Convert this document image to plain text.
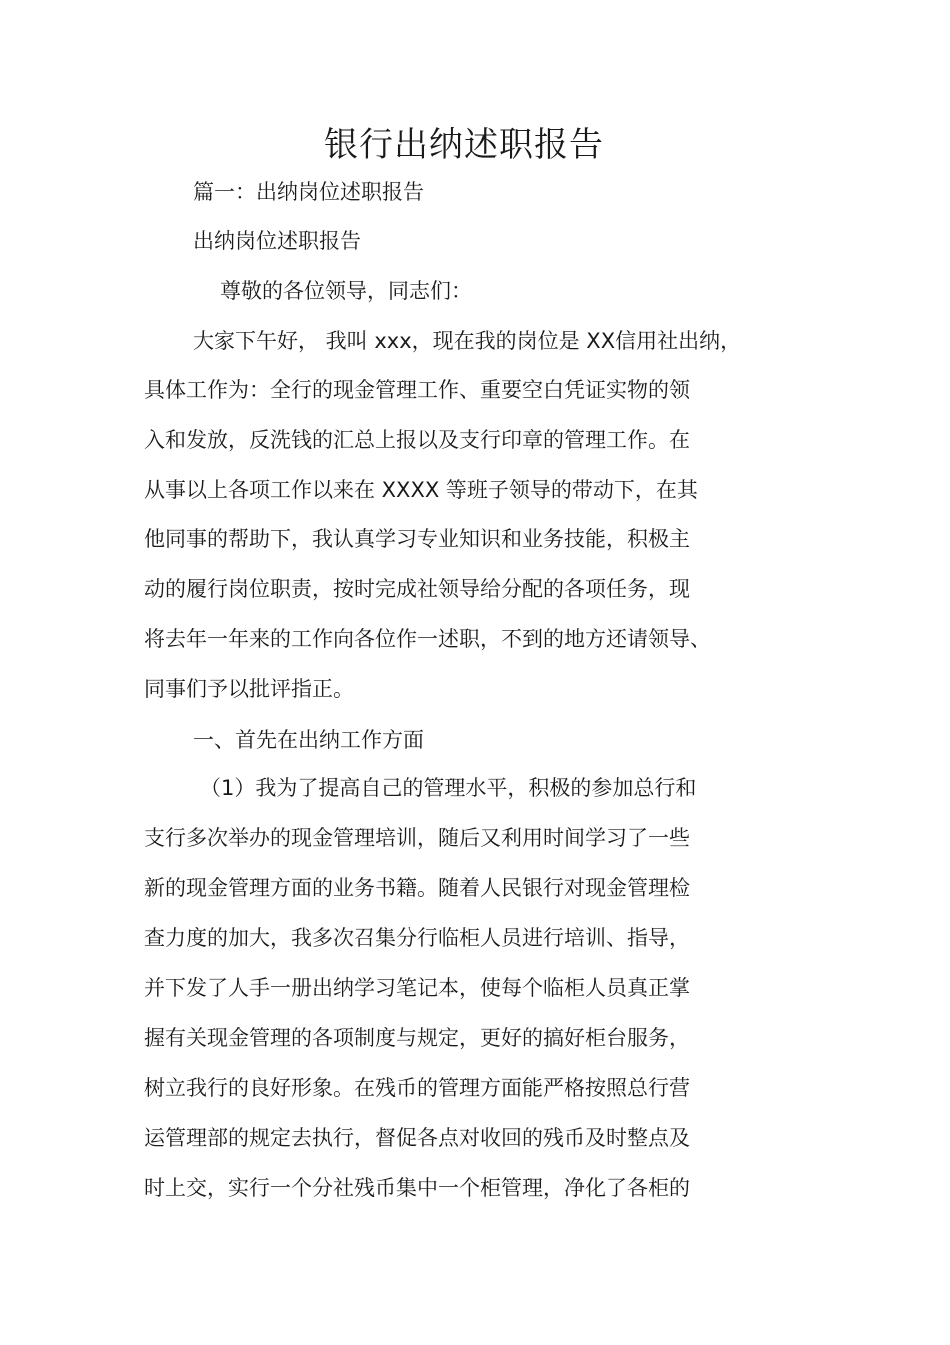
银行出纳述职报告
篇一：出纳岗位述职报告
出纳岗位述职报告
尊敬的各位领导，同志们：
大家下午好， 我叫 xxx，现在我的岗位是 XX信用社出纳，
具体工作为：全行的现金管理工作、重要空白凭证实物的领
入和发放，反洗钱的汇总上报以及支行印章的管理工作。在
从事以上各项工作以来在 XXXX 等班子领导的带动下，在其
他同事的帮助下，我认真学习专业知识和业务技能，积极主
动的履行岗位职责，按时完成社领导给分配的各项任务，现
将去年一年来的工作向各位作一述职，不到的地方还请领导、
同事们予以批评指正。
一、首先在出纳工作方面
（1）我为了提高自己的管理水平，积极的参加总行和
支行多次举办的现金管理培训，随后又利用时间学习了一些
新的现金管理方面的业务书籍。随着人民银行对现金管理检
查力度的加大，我多次召集分行临柜人员进行培训、指导，
并下发了人手一册出纳学习笔记本，使每个临柜人员真正掌
握有关现金管理的各项制度与规定，更好的搞好柜台服务，
树立我行的良好形象。在残币的管理方面能严格按照总行营
运管理部的规定去执行，督促各点对收回的残币及时整点及
时上交，实行一个分社残币集中一个柜管理，净化了各柜的
